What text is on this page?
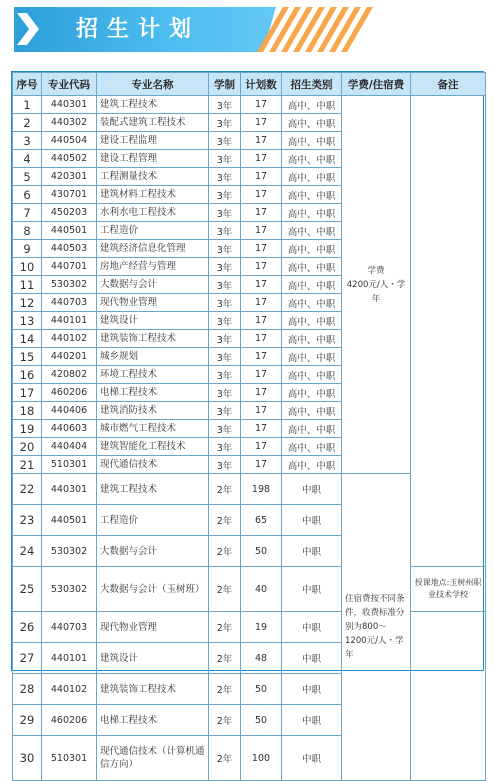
招生计划
序号	专业代码	专业名称	学制	计划数	招生类别	学费/住宿费	备注
1	440301	建筑工程技术	3年	17	高中、中职	学费
4200元/人・学年	
2	440302	装配式建筑工程技术	3年	17	高中、中职		
3	440504	建设工程监理	3年	17	高中、中职		
4	440502	建设工程管理	3年	17	高中、中职		
5	420301	工程测量技术	3年	17	高中、中职		
6	430701	建筑材料工程技术	3年	17	高中、中职		
7	450203	水利水电工程技术	3年	17	高中、中职		
8	440501	工程造价	3年	17	高中、中职		
9	440503	建筑经济信息化管理	3年	17	高中、中职		
10	440701	房地产经营与管理	3年	17	高中、中职		
11	530302	大数据与会计	3年	17	高中、中职		
12	440703	现代物业管理	3年	17	高中、中职		
13	440101	建筑设计	3年	17	高中、中职		
14	440102	建筑装饰工程技术	3年	17	高中、中职		
15	440201	城乡规划	3年	17	高中、中职		
16	420802	环境工程技术	3年	17	高中、中职		
17	460206	电梯工程技术	3年	17	高中、中职		
18	440406	建筑消防技术	3年	17	高中、中职		
19	440603	城市燃气工程技术	3年	17	高中、中职		
20	440404	建筑智能化工程技术	3年	17	高中、中职		
21	510301	现代通信技术	3年	17	高中、中职		
22	440301	建筑工程技术	2年	198	中职	住宿费按不同条件，收费标准分别为800～1200元/人・学年	
23	440501	工程造价	2年	65	中职		
24	530302	大数据与会计	2年	50	中职		
25	530302	大数据与会计（玉树班）	2年	40	中职		授课地点:玉树州职业技术学校
26	440703	现代物业管理	2年	19	中职		
27	440101	建筑设计	2年	48	中职		
28	440102	建筑装饰工程技术	2年	50	中职		
29	460206	电梯工程技术	2年	50	中职		
30	510301	现代通信技术（计算机通信方向）	2年	100	中职		
